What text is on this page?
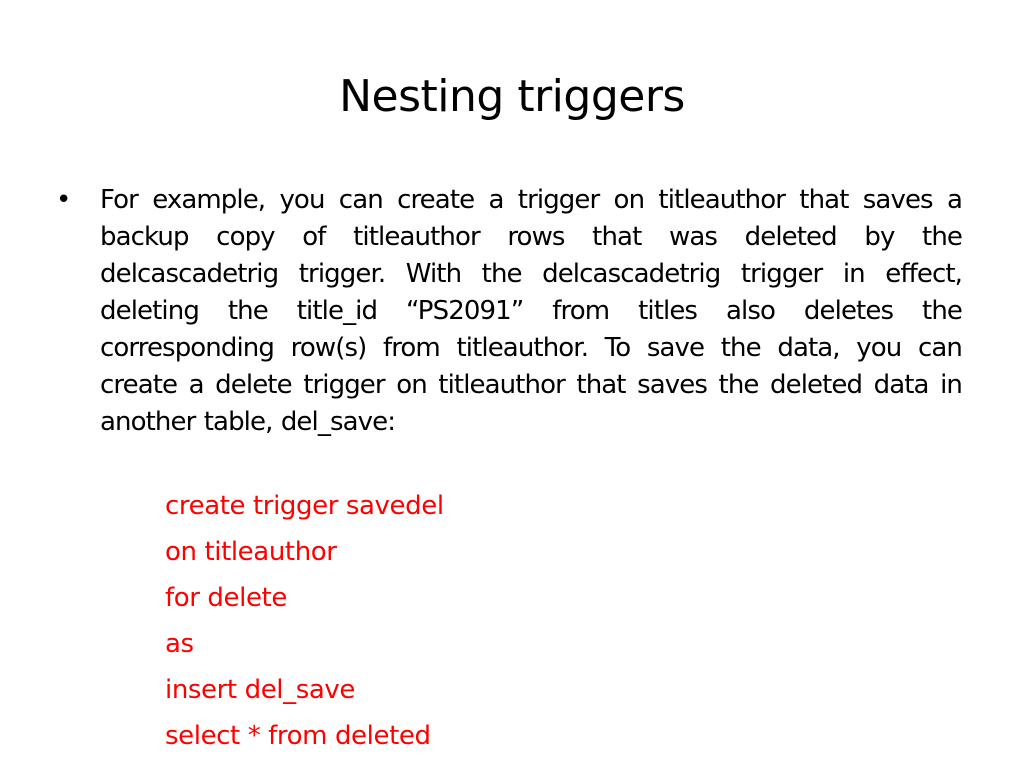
Nesting triggers
• For example, you can create a trigger on titleauthor that saves a backup copy of titleauthor rows that was deleted by the delcascadetrig trigger. With the delcascadetrig trigger in effect, deleting the title_id “PS2091” from titles also deletes the corresponding row(s) from titleauthor. To save the data, you can create a delete trigger on titleauthor that saves the deleted data in another table, del_save:
create trigger savedel
on titleauthor
for delete
as
insert del_save
select * from deleted
